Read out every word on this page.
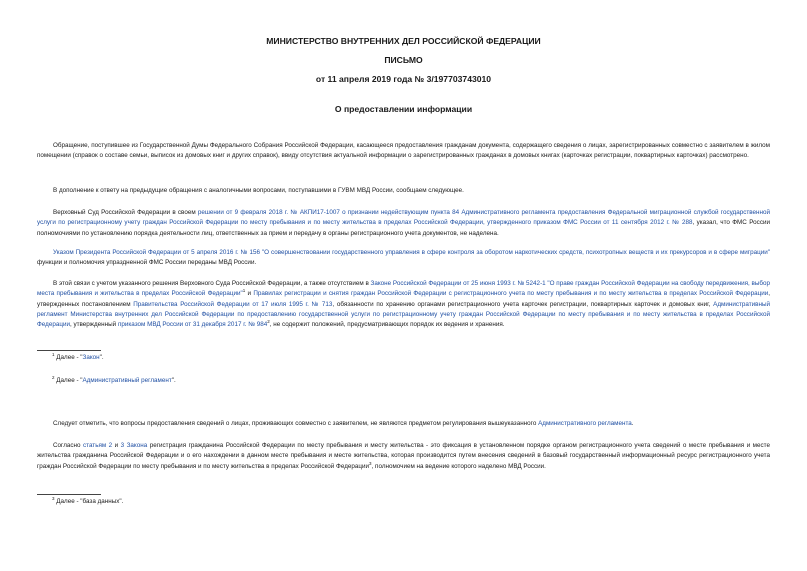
МИНИСТЕРСТВО ВНУТРЕННИХ ДЕЛ РОССИЙСКОЙ ФЕДЕРАЦИИ
ПИСЬМО
от 11 апреля 2019 года № 3/197703743010
О предоставлении информации
Обращение, поступившее из Государственной Думы Федерального Собрания Российской Федерации, касающееся предоставления гражданам документа, содержащего сведения о лицах, зарегистрированных совместно с заявителем в жилом помещении (справок о составе семьи, выписок из домовых книг и других справок), ввиду отсутствия актуальной информации о зарегистрированных гражданах в домовых книгах (карточках регистрации, поквартирных карточках) рассмотрено.
В дополнение к ответу на предыдущие обращения с аналогичными вопросами, поступавшими в ГУВМ МВД России, сообщаем следующее.
Верховный Суд Российской Федерации в своем решении от 9 февраля 2018 г. № АКПИ17-1007 о признании недействующим пункта 84 Административного регламента предоставления Федеральной миграционной службой государственной услуги по регистрационному учету граждан Российской Федерации по месту пребывания и по месту жительства в пределах Российской Федерации, утвержденного приказом ФМС России от 11 сентября 2012 г. № 288, указал, что ФМС России полномочиями по установлению порядка деятельности лиц, ответственных за прием и передачу в органы регистрационного учета документов, не наделена.
Указом Президента Российской Федерации от 5 апреля 2016 г. № 156 "О совершенствовании государственного управления в сфере контроля за оборотом наркотических средств, психотропных веществ и их прекурсоров и в сфере миграции" функции и полномочия упраздненной ФМС России переданы МВД России.
В этой связи с учетом указанного решения Верховного Суда Российской Федерации, а также отсутствием в Законе Российской Федерации от 25 июня 1993 г. № 5242-1 "О праве граждан Российской Федерации на свободу передвижения, выбор места пребывания и жительства в пределах Российской Федерации"$^1$ и Правилах регистрации и снятия граждан Российской Федерации с регистрационного учета по месту пребывания и по месту жительства в пределах Российской Федерации, утвержденных постановлением Правительства Российской Федерации от 17 июля 1995 г. № 713, обязанности по хранению органами регистрационного учета карточек регистрации, поквартирных карточек и домовых книг, Административный регламент Министерства внутренних дел Российской Федерации по предоставлению государственной услуги по регистрационному учету граждан Российской Федерации по месту пребывания и по месту жительства в пределах Российской Федерации, утвержденный приказом МВД России от 31 декабря 2017 г. № $984^2$, не содержит положений, предусматривающих порядок их ведения и хранения.
$^1$ Далее - "Закон".
$^2$ Далее - "Административный регламент".
Следует отметить, что вопросы предоставления сведений о лицах, проживающих совместно с заявителем, не являются предметом регулирования вышеуказанного Административного регламента.
Согласно статьям 2 и 3 Закона регистрация гражданина Российской Федерации по месту пребывания и месту жительства - это фиксация в установленном порядке органом регистрационного учета сведений о месте пребывания и месте жительства гражданина Российской Федерации и о его нахождении в данном месте пребывания и месте жительства, которая производится путем внесения сведений в базовый государственный информационный ресурс регистрационного учета граждан Российской Федерации по месту пребывания и по месту жительства в пределах Российской Федерации$^3$, полномочием на ведение которого наделено МВД России.
$^3$ Далее - "база данных".
